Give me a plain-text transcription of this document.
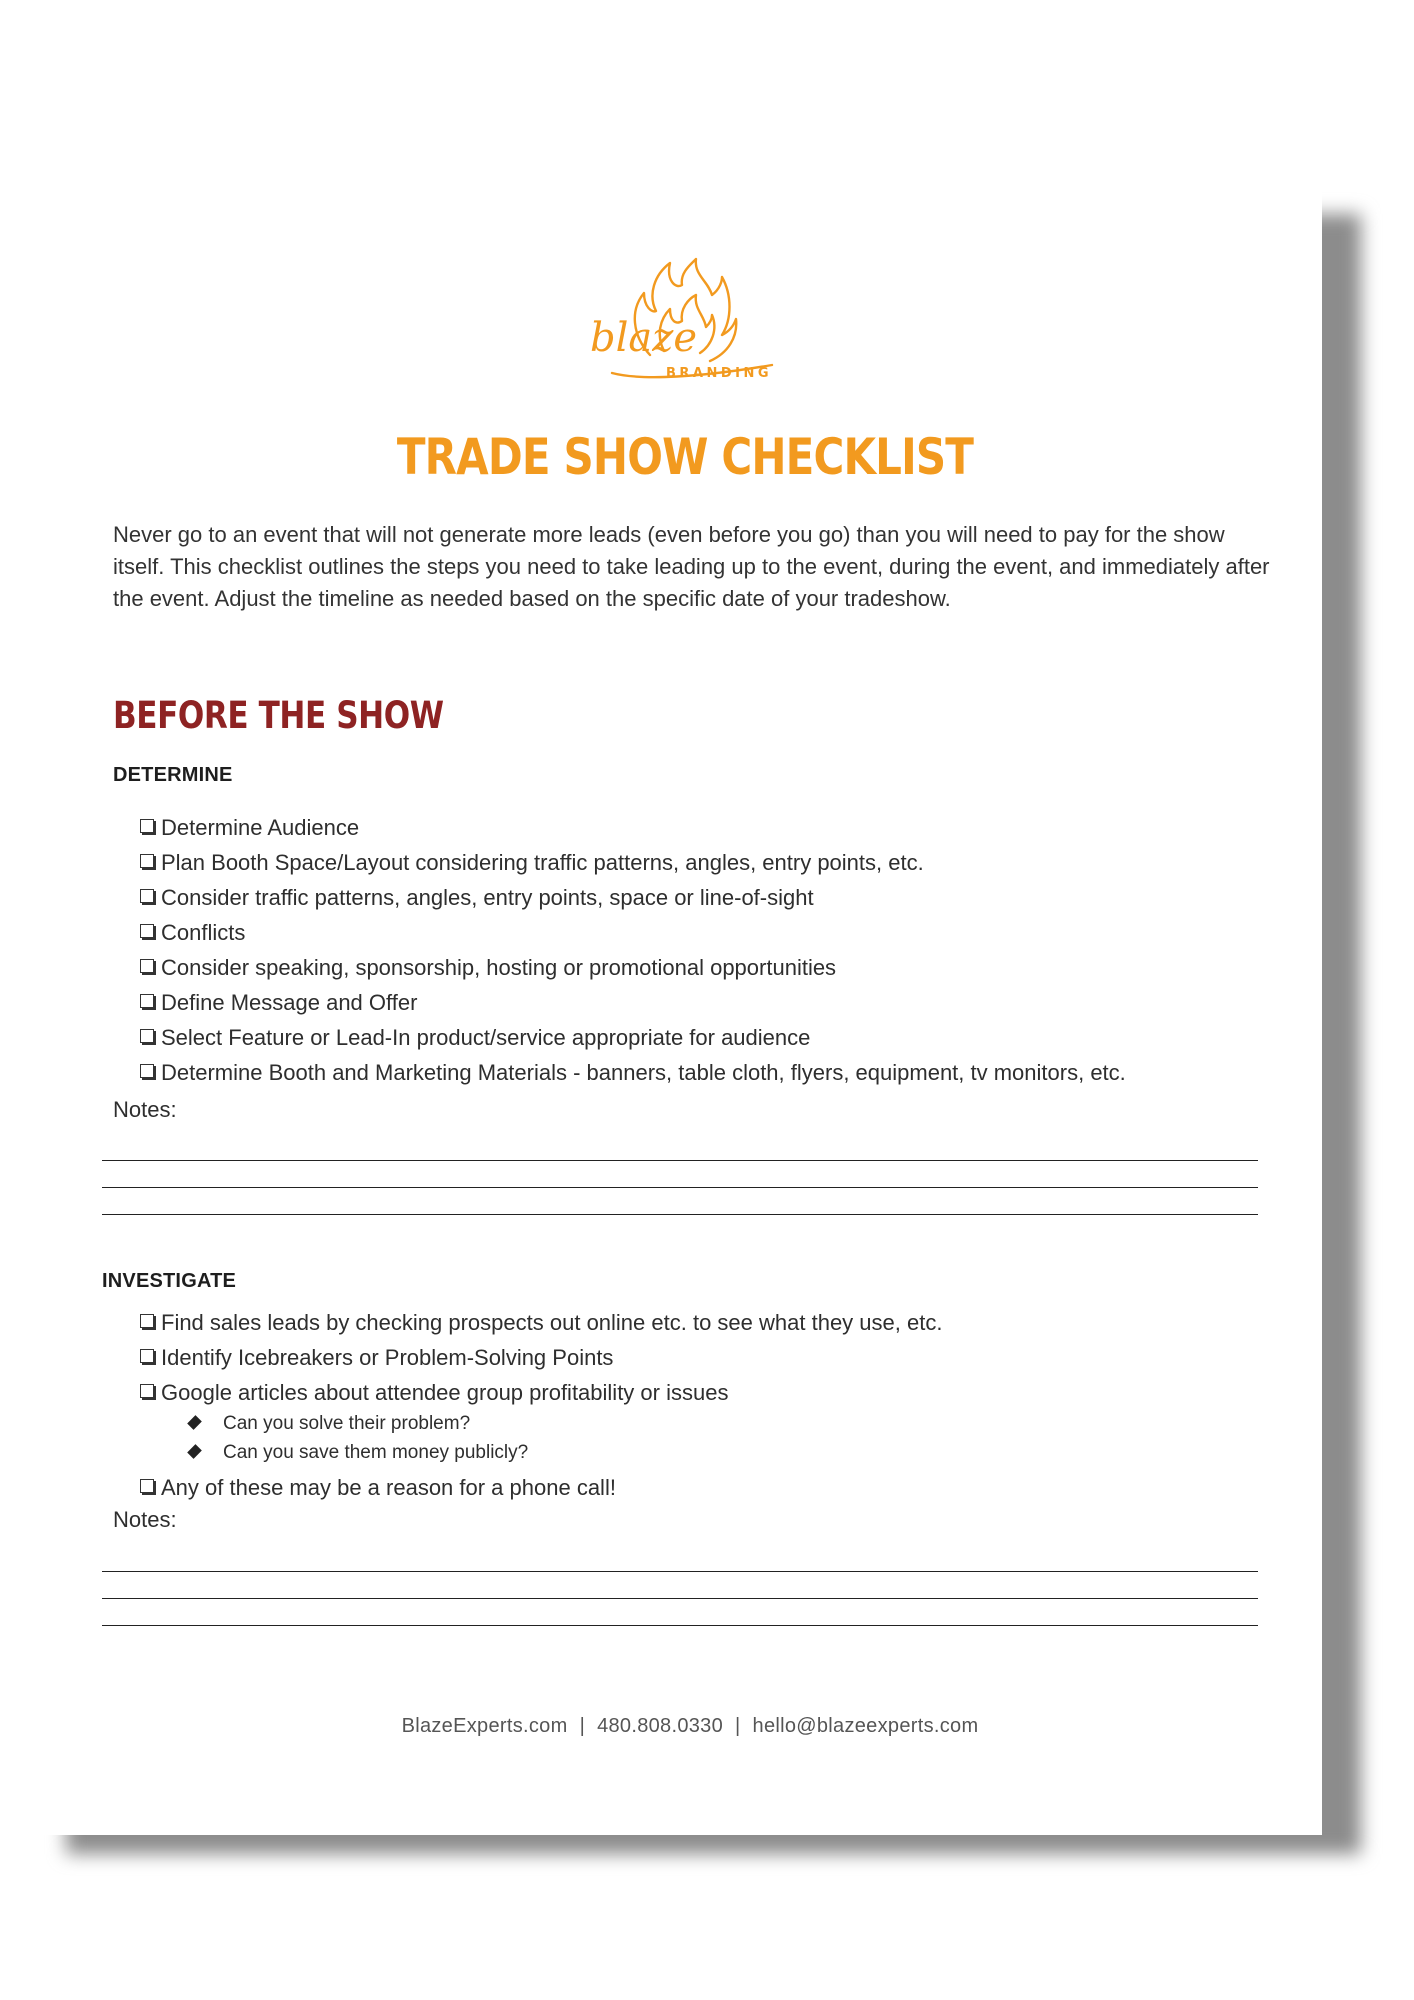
blaze
BRANDING
TRADE SHOW CHECKLIST
Never go to an event that will not generate more leads (even before you go) than you will need to pay for the show itself. This checklist outlines the steps you need to take leading up to the event, during the event, and immediately after the event. Adjust the timeline as needed based on the specific date of your tradeshow.
BEFORE THE SHOW
DETERMINE
Determine Audience
Plan Booth Space/Layout considering traffic patterns, angles, entry points, etc.
Consider traffic patterns, angles, entry points, space or line-of-sight
Conflicts
Consider speaking, sponsorship, hosting or promotional opportunities
Define Message and Offer
Select Feature or Lead-In product/service appropriate for audience
Determine Booth and Marketing Materials - banners, table cloth, flyers, equipment, tv monitors, etc.
Notes:
INVESTIGATE
Find sales leads by checking prospects out online etc. to see what they use, etc.
Identify Icebreakers or Problem-Solving Points
Google articles about attendee group profitability or issues
Can you solve their problem?
Can you save them money publicly?
Any of these may be a reason for a phone call!
Notes:
BlazeExperts.com | 480.808.0330 | hello@blazeexperts.com
